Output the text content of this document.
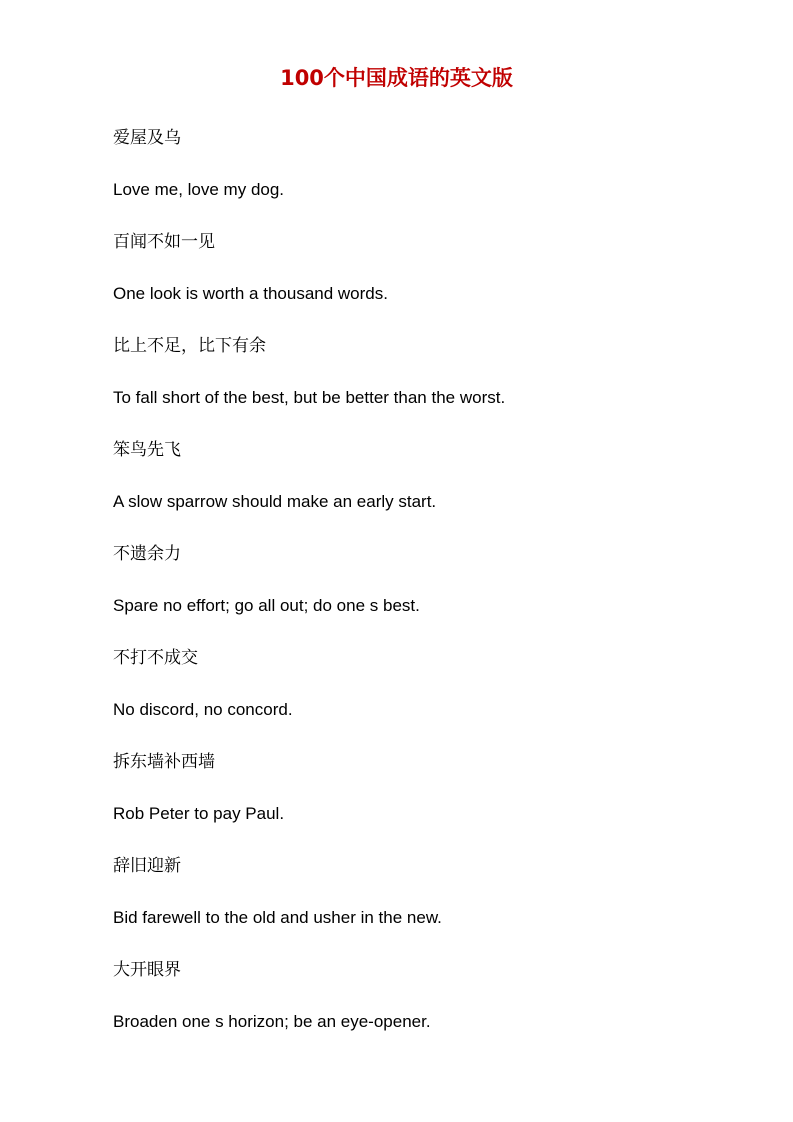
100个中国成语的英文版

爱屋及乌

Love me, love my dog.

百闻不如一见

One look is worth a thousand words.

比上不足，比下有余

To fall short of the best, but be better than the worst.

笨鸟先飞

A slow sparrow should make an early start.

不遗余力

Spare no effort; go all out; do one s best.

不打不成交

No discord, no concord.

拆东墙补西墙

Rob Peter to pay Paul.

辞旧迎新

Bid farewell to the old and usher in the new.

大开眼界

Broaden one s horizon; be an eye-opener.
